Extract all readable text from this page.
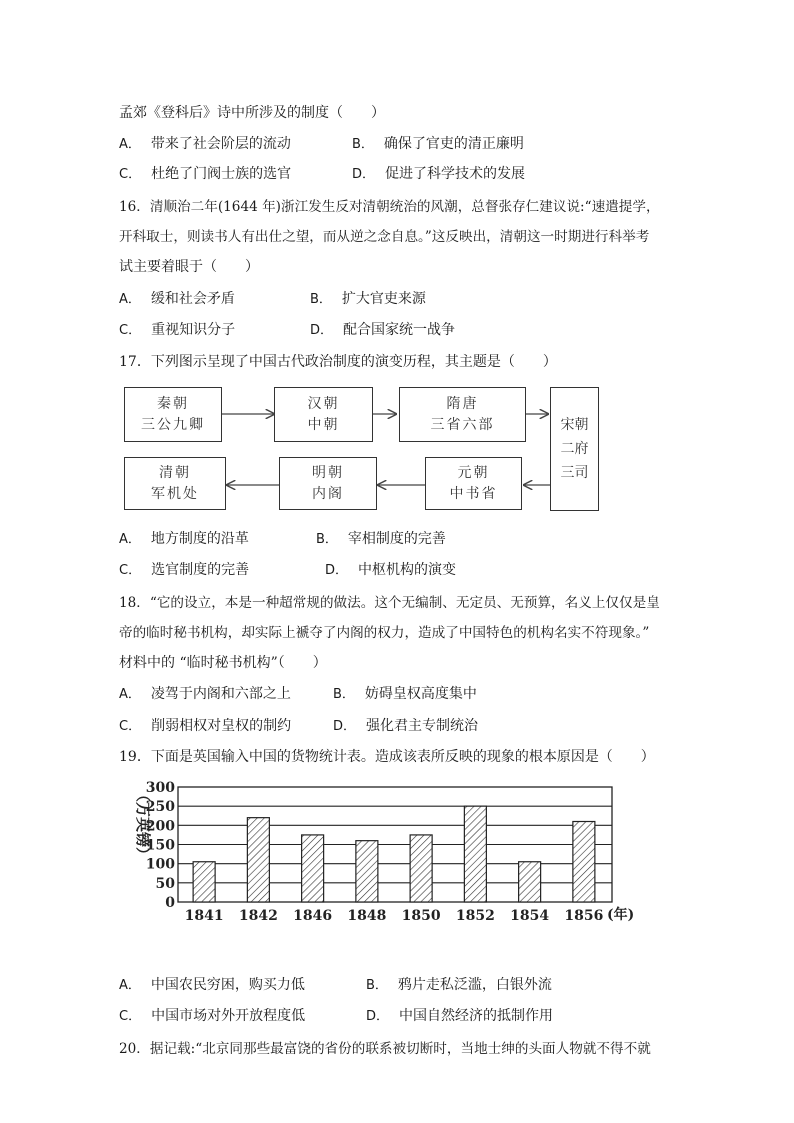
孟郊《登科后》诗中所涉及的制度（　　）
A． 带来了社会阶层的流动	B． 确保了官吏的清正廉明
C． 杜绝了门阀士族的选官	D． 促进了科学技术的发展
16．清顺治二年(1644 年)浙江发生反对清朝统治的风潮，总督张存仁建议说:“速遣提学，
开科取士，则读书人有出仕之望，而从逆之念自息。”这反映出，清朝这一时期进行科举考
试主要着眼于（　　）
A． 缓和社会矛盾	B． 扩大官吏来源
C． 重视知识分子	D． 配合国家统一战争
17．下列图示呈现了中国古代政治制度的演变历程，其主题是（　　）
秦朝
三公九卿
汉朝
中朝
隋唐
三省六部	宋朝
二府
三司
元朝
中书省
明朝
内阁
清朝
军机处
A． 地方制度的沿革	B． 宰相制度的完善
C． 选官制度的完善	D． 中枢机构的演变
18．“它的设立，本是一种超常规的做法。这个无编制、无定员、无预算，名义上仅仅是皇
帝的临时秘书机构，却实际上褫夺了内阁的权力，造成了中国特色的机构名实不符现象。”
材料中的 “临时秘书机构”（　　）
A． 凌驾于内阁和六部之上	B． 妨碍皇权高度集中
C． 削弱相权对皇权的制约	D． 强化君主专制统治
19．下面是英国输入中国的货物统计表。造成该表所反映的现象的根本原因是（　　）
0
50
100
150
200
250
300
1841 1842 1846 1848 1850 1852 1854 1856
（万英镑）
(年)
A． 中国农民穷困，购买力低	B． 鸦片走私泛滥，白银外流
C． 中国市场对外开放程度低	D． 中国自然经济的抵制作用
20．据记载:“北京同那些最富饶的省份的联系被切断时，当地士绅的头面人物就不得不就
